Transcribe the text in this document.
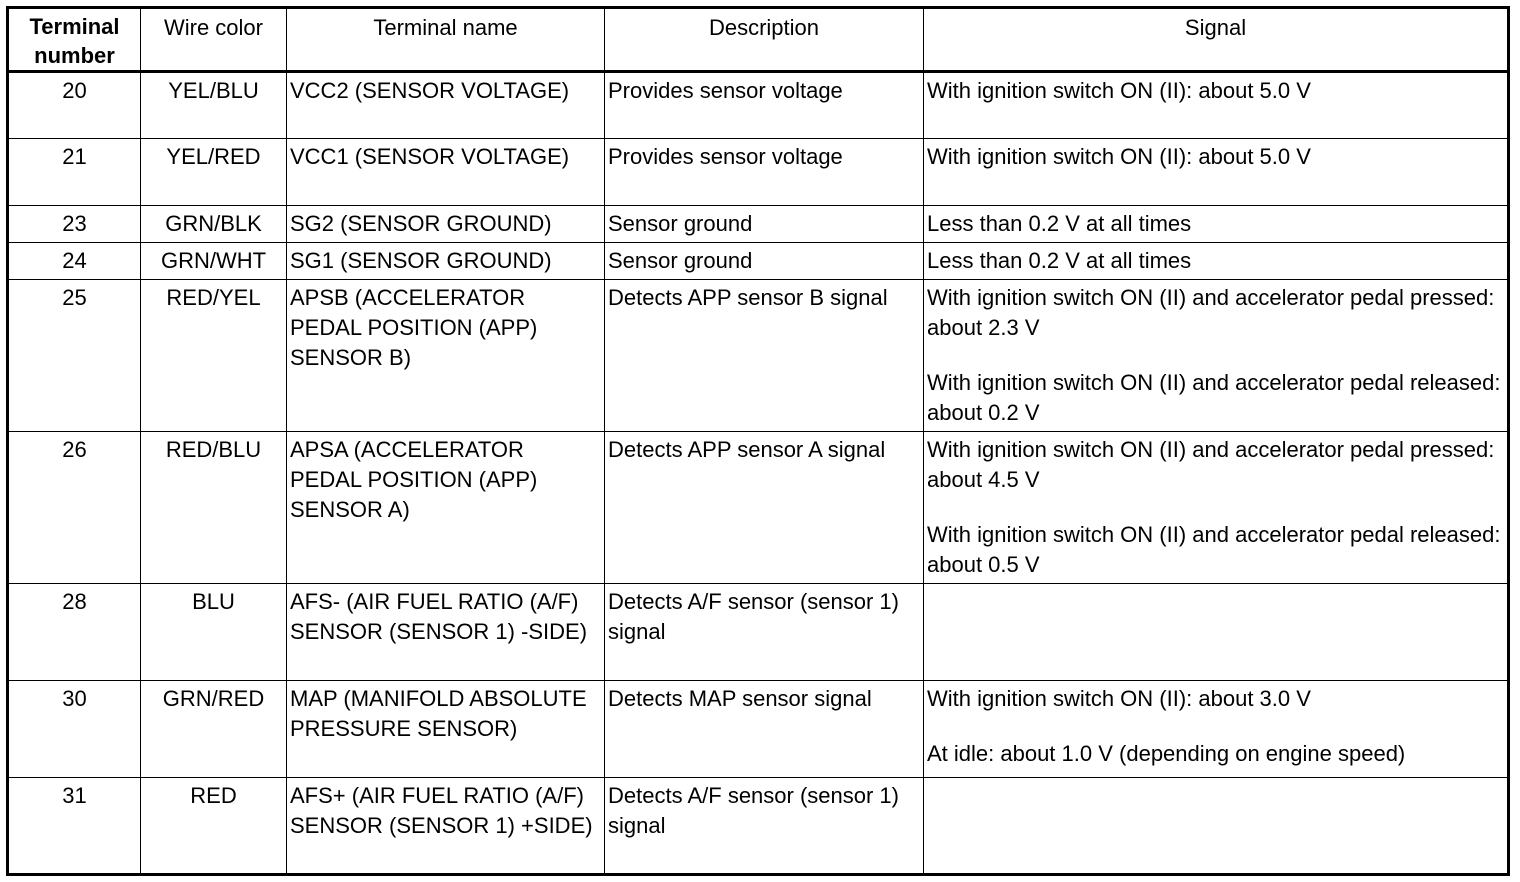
Terminal number	Wire color	Terminal name	Description	Signal
20	YEL/BLU	VCC2 (SENSOR VOLTAGE)	Provides sensor voltage	With ignition switch ON (II): about 5.0 V

21	YEL/RED	VCC1 (SENSOR VOLTAGE)	Provides sensor voltage	With ignition switch ON (II): about 5.0 V

23	GRN/BLK	SG2 (SENSOR GROUND)	Sensor ground	Less than 0.2 V at all times

24	GRN/WHT	SG1 (SENSOR GROUND)	Sensor ground	Less than 0.2 V at all times

25	RED/YEL	APSB (ACCELERATOR PEDAL POSITION (APP) SENSOR B)	Detects APP sensor B signal	With ignition switch ON (II) and accelerator pedal pressed: about 2.3 V
With ignition switch ON (II) and accelerator pedal released: about 0.2 V

26	RED/BLU	APSA (ACCELERATOR PEDAL POSITION (APP) SENSOR A)	Detects APP sensor A signal	With ignition switch ON (II) and accelerator pedal pressed: about 4.5 V
With ignition switch ON (II) and accelerator pedal released: about 0.5 V

28	BLU	AFS- (AIR FUEL RATIO (A/F) SENSOR (SENSOR 1) -SIDE)	Detects A/F sensor (sensor 1) signal	
30	GRN/RED	MAP (MANIFOLD ABSOLUTE PRESSURE SENSOR)	Detects MAP sensor signal	With ignition switch ON (II): about 3.0 V
At idle: about 1.0 V (depending on engine speed)

31	RED	AFS+ (AIR FUEL RATIO (A/F) SENSOR (SENSOR 1) +SIDE)	Detects A/F sensor (sensor 1) signal	
